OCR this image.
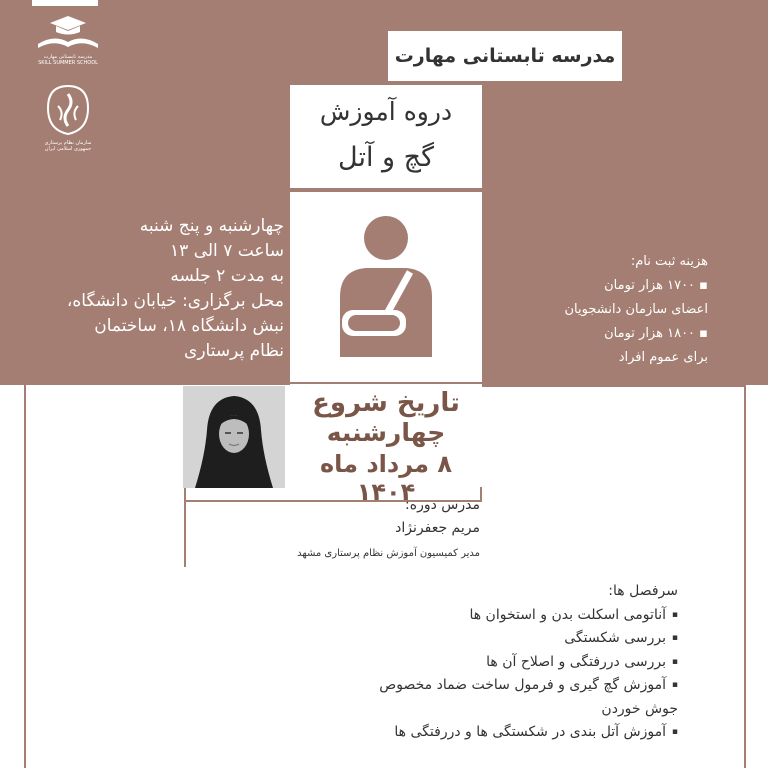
مدرسه تابستانی مهارت
SKILL SUMMER SCHOOL
سازمان نظام پرستاری
جمهوری اسلامی ایران
مدرسه تابستانی مهارت
دروه آموزش
گچ و آتل
چهارشنبه و پنج شنبه
ساعت ۷ الی ۱۳
به مدت ۲ جلسه
محل برگزاری: خیابان دانشگاه،
نبش دانشگاه ۱۸، ساختمان
نظام پرستاری
هزینه ثبت نام:
▪ ۱۷۰۰ هزار تومان
اعضای سازمان دانشجویان
▪ ۱۸۰۰ هزار تومان
برای عموم افراد
تاریخ شروع
چهارشنبه
۸ مرداد ماه ۱۴۰۴
مدرس دوره:
مریم جعفرنژاد
مدیر کمیسیون آموزش نظام پرستاری مشهد
سرفصل ها:
▪ آناتومی اسکلت بدن و استخوان ها
▪ بررسی شکستگی
▪ بررسی دررفتگی و اصلاح آن ها
▪ آموزش گچ گیری و فرمول ساخت ضماد مخصوص
جوش خوردن
▪ آموزش آتل بندی در شکستگی ها و دررفتگی ها
